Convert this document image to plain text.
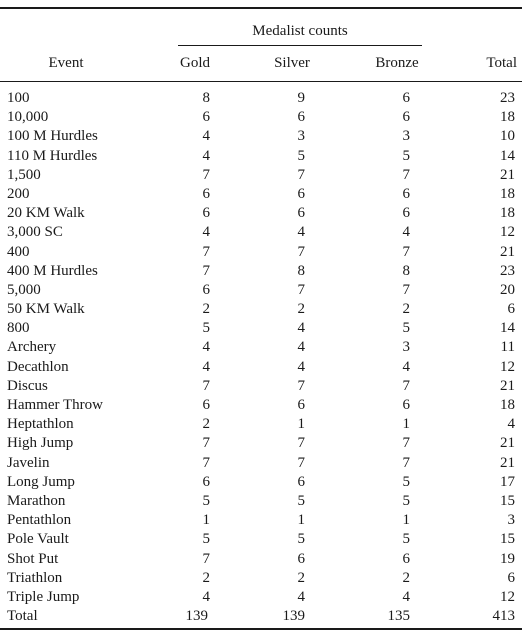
Medalist counts
Event	Gold	Silver	Bronze	Total
100	8	9	6	23
10,000	6	6	6	18
100 M Hurdles	4	3	3	10
110 M Hurdles	4	5	5	14
1,500	7	7	7	21
200	6	6	6	18
20 KM Walk	6	6	6	18
3,000 SC	4	4	4	12
400	7	7	7	21
400 M Hurdles	7	8	8	23
5,000	6	7	7	20
50 KM Walk	2	2	2	6
800	5	4	5	14
Archery	4	4	3	11
Decathlon	4	4	4	12
Discus	7	7	7	21
Hammer Throw	6	6	6	18
Heptathlon	2	1	1	4
High Jump	7	7	7	21
Javelin	7	7	7	21
Long Jump	6	6	5	17
Marathon	5	5	5	15
Pentathlon	1	1	1	3
Pole Vault	5	5	5	15
Shot Put	7	6	6	19
Triathlon	2	2	2	6
Triple Jump	4	4	4	12
Total	139	139	135	413
